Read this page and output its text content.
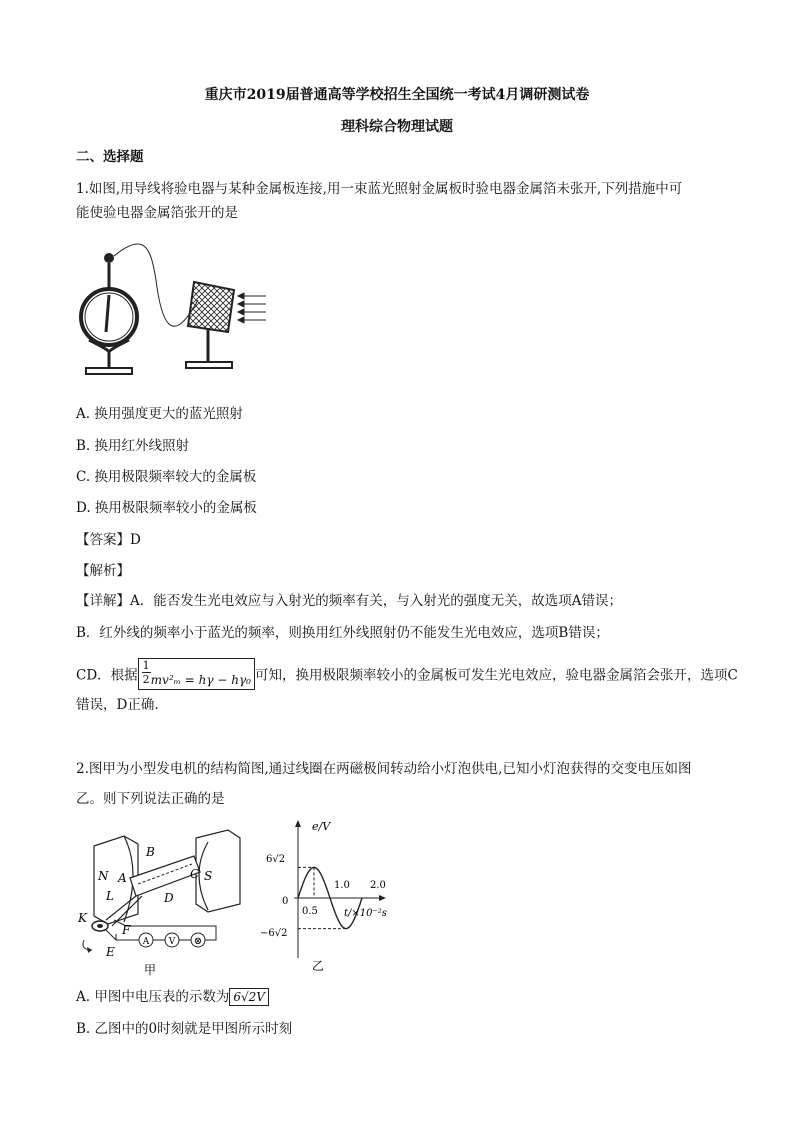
重庆市2019届普通高等学校招生全国统一考试4月调研测试卷
理科综合物理试题
二、选择题
1.如图,用导线将验电器与某种金属板连接,用一束蓝光照射金属板时验电器金属箔未张开,下列措施中可
能使验电器金属箔张开的是
A. 换用强度更大的蓝光照射
B. 换用红外线照射
C. 换用极限频率较大的金属板
D. 换用极限频率较小的金属板
【答案】D
【解析】
【详解】A．能否发生光电效应与入射光的频率有关，与入射光的强度无关，故选项A错误；
B．红外线的频率小于蓝光的频率，则换用红外线照射仍不能发生光电效应，选项B错误；
CD．根据 $\frac{1}{2} mv^2_m = h\gamma - h\gamma_0$ 可知，换用极限频率较小的金属板可发生光电效应，验电器金属箔会张开，选项C
错误，D正确.
2.图甲为小型发电机的结构简图,通过线圈在两磁极间转动给小灯泡供电,已知小灯泡获得的交变电压如图
乙。则下列说法正确的是
A V ⊗
B
N A
L
C S
D
K
F
E
甲
e/V
t/×10⁻²s
6√2
−6√2
0
0.5
1.0 2.0
乙
A. 甲图中电压表的示数为 6√2V
B. 乙图中的0时刻就是甲图所示时刻
